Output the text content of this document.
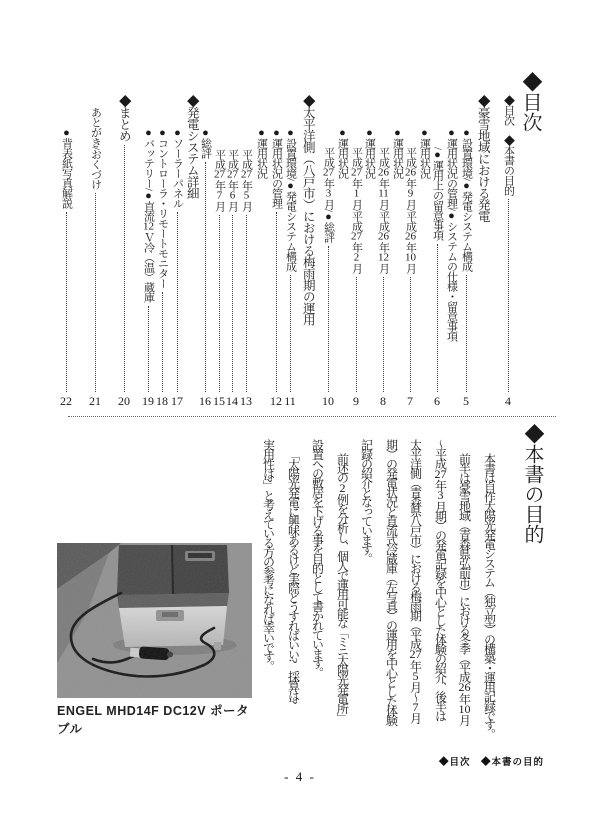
◆目次
◆目次　◆本書の目的
4
◆豪雪地域における発電
●設置環境/●発電システム構成
5
●運用状況の管理/●システムの仕様・留意事項
/●運用上の留意事項
6
●運用状況
平成26年9月/平成26年10月
7
●運用状況
平成26年11月/平成26年12月
8
●運用状況
平成27年1月/平成27年2月
9
●運用状況
平成27年3月/●総評
10
◆太平洋側（八戸市）における梅雨期の運用
●設置環境/●発電システム構成
11
●運用状況の管理
12
●運用状況
平成27年5月
13
平成27年6月
14
平成27年7月
15
●総評
16
◆発電システム詳細
●ソーラーパネル
17
●コントローラ・リモートモニター
18
●バッテリー/●直流12Ｖ冷（温）蔵庫
19
◆まとめ
20
あとがき/おくづけ
21
●背表紙写真解説
22
◆本書の目的
本書は自作太陽光発電システム（独立型）の構築・運用記録です。
前半は豪雪地域（青森県弘前市）における冬季（平成26年10月
〜平成27年3月期）の発電記録を中心とした体験の紹介、後半は
太平洋側（青森県八戸市）における梅雨期（平成27年5月〜7月
期）の発電状況と直流式冷蔵庫（左写真）の運用を中心とした体験
記録の紹介となっています。
前述の2例を分析し、個人で運用可能な「ミニ太陽光発電所」
設置への敷居を下げる事を目的として書かれています。
「太陽光発電に興味あるけど実際どうすればいい?　採算は?
実用性は?」と考えている方の参考になれば幸いです。
ENGEL MHD14F DC12V ポータブル
◆目次　◆本書の目的
- 4 -
